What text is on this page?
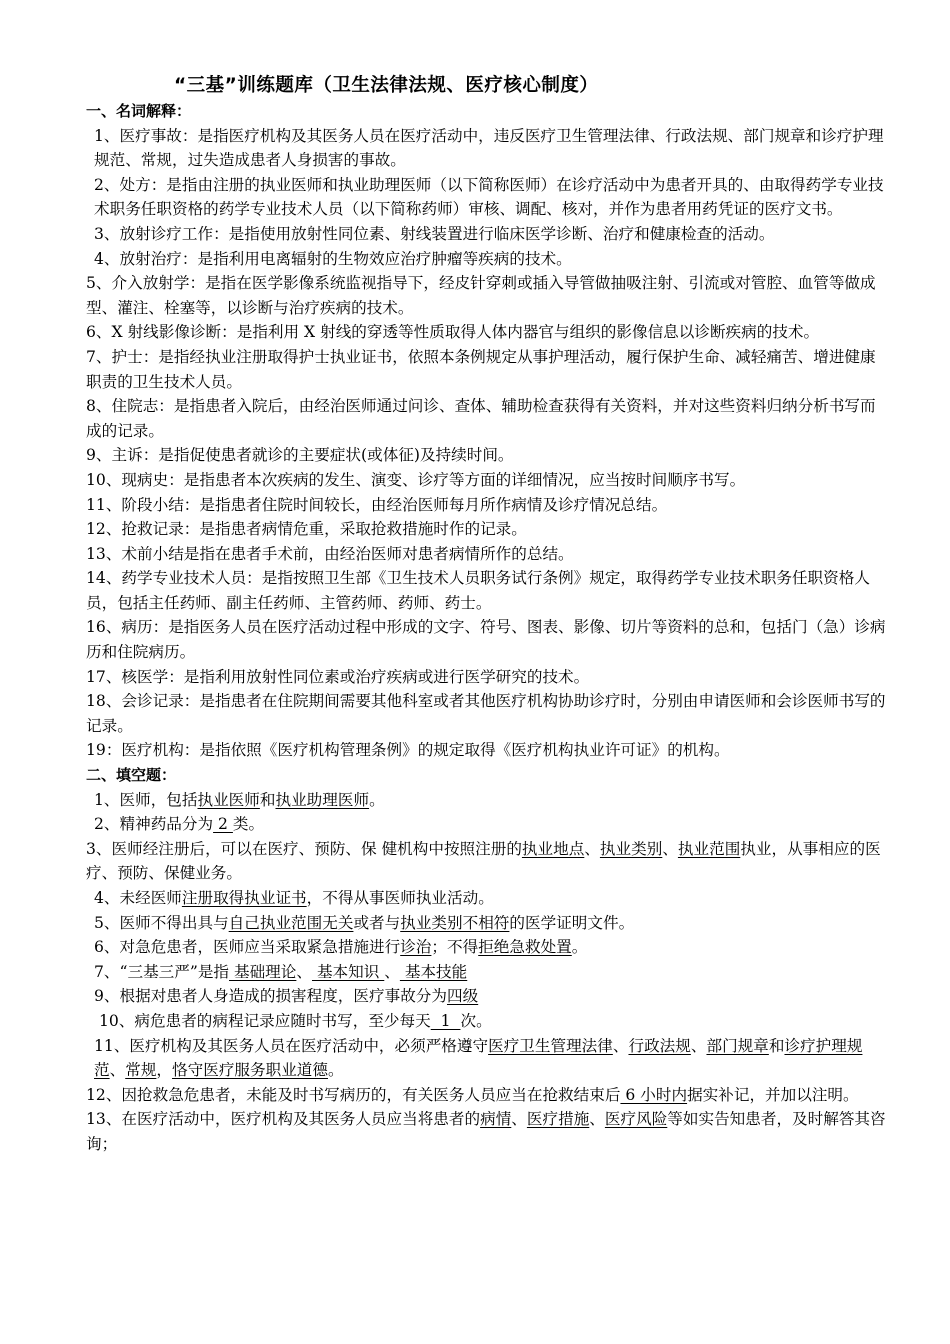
“三基”训练题库（卫生法律法规、医疗核心制度）

一、名词解释：

1、医疗事故：是指医疗机构及其医务人员在医疗活动中，违反医疗卫生管理法律、行政法规、部门规章和诊疗护理规范、常规，过失造成患者人身损害的事故。

2、处方：是指由注册的执业医师和执业助理医师（以下简称医师）在诊疗活动中为患者开具的、由取得药学专业技术职务任职资格的药学专业技术人员（以下简称药师）审核、调配、核对，并作为患者用药凭证的医疗文书。

3、放射诊疗工作：是指使用放射性同位素、射线装置进行临床医学诊断、治疗和健康检查的活动。

4、放射治疗：是指利用电离辐射的生物效应治疗肿瘤等疾病的技术。

5、介入放射学：是指在医学影像系统监视指导下，经皮针穿刺或插入导管做抽吸注射、引流或对管腔、血管等做成型、灌注、栓塞等，以诊断与治疗疾病的技术。

6、X 射线影像诊断：是指利用 X 射线的穿透等性质取得人体内器官与组织的影像信息以诊断疾病的技术。

7、护士：是指经执业注册取得护士执业证书，依照本条例规定从事护理活动，履行保护生命、减轻痛苦、增进健康职责的卫生技术人员。

8、住院志：是指患者入院后，由经治医师通过问诊、查体、辅助检查获得有关资料，并对这些资料归纳分析书写而成的记录。

9、主诉：是指促使患者就诊的主要症状(或体征)及持续时间。

10、现病史：是指患者本次疾病的发生、演变、诊疗等方面的详细情况，应当按时间顺序书写。

11、阶段小结：是指患者住院时间较长，由经治医师每月所作病情及诊疗情况总结。

12、抢救记录：是指患者病情危重，采取抢救措施时作的记录。

13、术前小结是指在患者手术前，由经治医师对患者病情所作的总结。

14、药学专业技术人员：是指按照卫生部《卫生技术人员职务试行条例》规定，取得药学专业技术职务任职资格人员，包括主任药师、副主任药师、主管药师、药师、药士。

16、病历：是指医务人员在医疗活动过程中形成的文字、符号、图表、影像、切片等资料的总和，包括门（急）诊病历和住院病历。

17、核医学：是指利用放射性同位素或治疗疾病或进行医学研究的技术。

18、会诊记录：是指患者在住院期间需要其他科室或者其他医疗机构协助诊疗时，分别由申请医师和会诊医师书写的记录。

19：医疗机构：是指依照《医疗机构管理条例》的规定取得《医疗机构执业许可证》的机构。

二、填空题：

1、医师，包括执业医师和执业助理医师。

2、精神药品分为 2 类。

3、医师经注册后，可以在医疗、预防、保 健机构中按照注册的执业地点、执业类别、执业范围执业，从事相应的医疗、预防、保健业务。

4、未经医师注册取得执业证书，不得从事医师执业活动。

5、医师不得出具与自己执业范围无关或者与执业类别不相符的医学证明文件。

6、对急危患者，医师应当采取紧急措施进行诊治；不得拒绝急救处置。

7、“三基三严”是指 基础理论、 基本知识 、 基本技能

9、根据对患者人身造成的损害程度，医疗事故分为四级

10、病危患者的病程记录应随时书写，至少每天  1  次。

11、医疗机构及其医务人员在医疗活动中，必须严格遵守医疗卫生管理法律、行政法规、部门规章和诊疗护理规范、常规，恪守医疗服务职业道德。

12、因抢救急危患者，未能及时书写病历的，有关医务人员应当在抢救结束后 6 小时内据实补记，并加以注明。

13、在医疗活动中，医疗机构及其医务人员应当将患者的病情、医疗措施、医疗风险等如实告知患者，及时解答其咨询；
